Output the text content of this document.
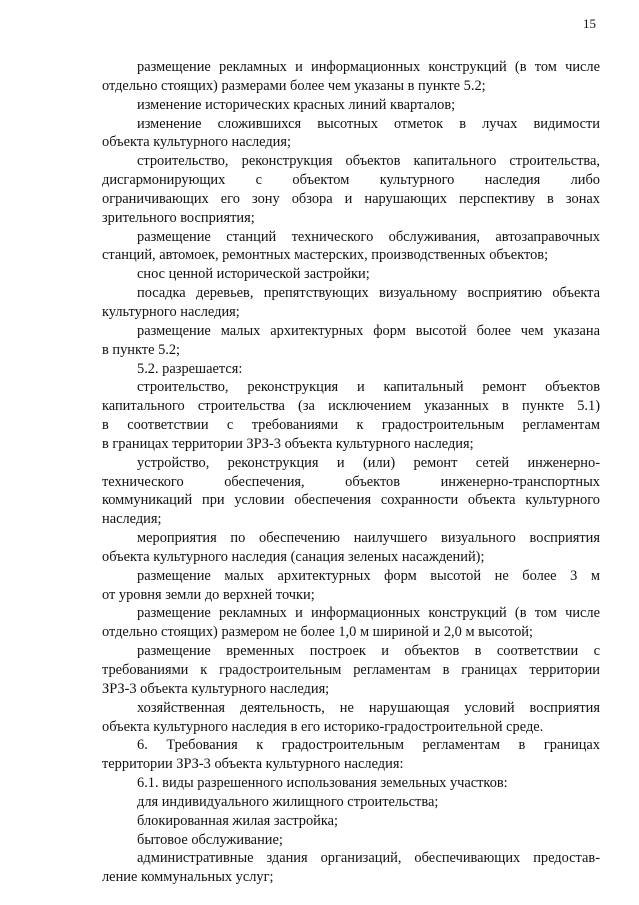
15
размещение рекламных и информационных конструкций (в том числе
отдельно стоящих) размерами более чем указаны в пункте 5.2;
изменение исторических красных линий кварталов;
изменение сложившихся высотных отметок в лучах видимости
объекта культурного наследия;
строительство, реконструкция объектов капитального строительства,
дисгармонирующих с объектом культурного наследия либо
ограничивающих его зону обзора и нарушающих перспективу в зонах
зрительного восприятия;
размещение станций технического обслуживания, автозаправочных
станций, автомоек, ремонтных мастерских, производственных объектов;
снос ценной исторической застройки;
посадка деревьев, препятствующих визуальному восприятию объекта
культурного наследия;
размещение малых архитектурных форм высотой более чем указана
в пункте 5.2;
5.2. разрешается:
строительство, реконструкция и капитальный ремонт объектов
капитального строительства (за исключением указанных в пункте 5.1)
в соответствии с требованиями к градостроительным регламентам
в границах территории ЗРЗ-3 объекта культурного наследия;
устройство, реконструкция и (или) ремонт сетей инженерно-
технического обеспечения, объектов инженерно-транспортных
коммуникаций при условии обеспечения сохранности объекта культурного
наследия;
мероприятия по обеспечению наилучшего визуального восприятия
объекта культурного наследия (санация зеленых насаждений);
размещение малых архитектурных форм высотой не более 3 м
от уровня земли до верхней точки;
размещение рекламных и информационных конструкций (в том числе
отдельно стоящих) размером не более 1,0 м шириной и 2,0 м высотой;
размещение временных построек и объектов в соответствии с
требованиями к градостроительным регламентам в границах территории
ЗРЗ-3 объекта культурного наследия;
хозяйственная деятельность, не нарушающая условий восприятия
объекта культурного наследия в его историко-градостроительной среде.
6. Требования к градостроительным регламентам в границах
территории ЗРЗ-3 объекта культурного наследия:
6.1. виды разрешенного использования земельных участков:
для индивидуального жилищного строительства;
блокированная жилая застройка;
бытовое обслуживание;
административные здания организаций, обеспечивающих предостав-
ление коммунальных услуг;
